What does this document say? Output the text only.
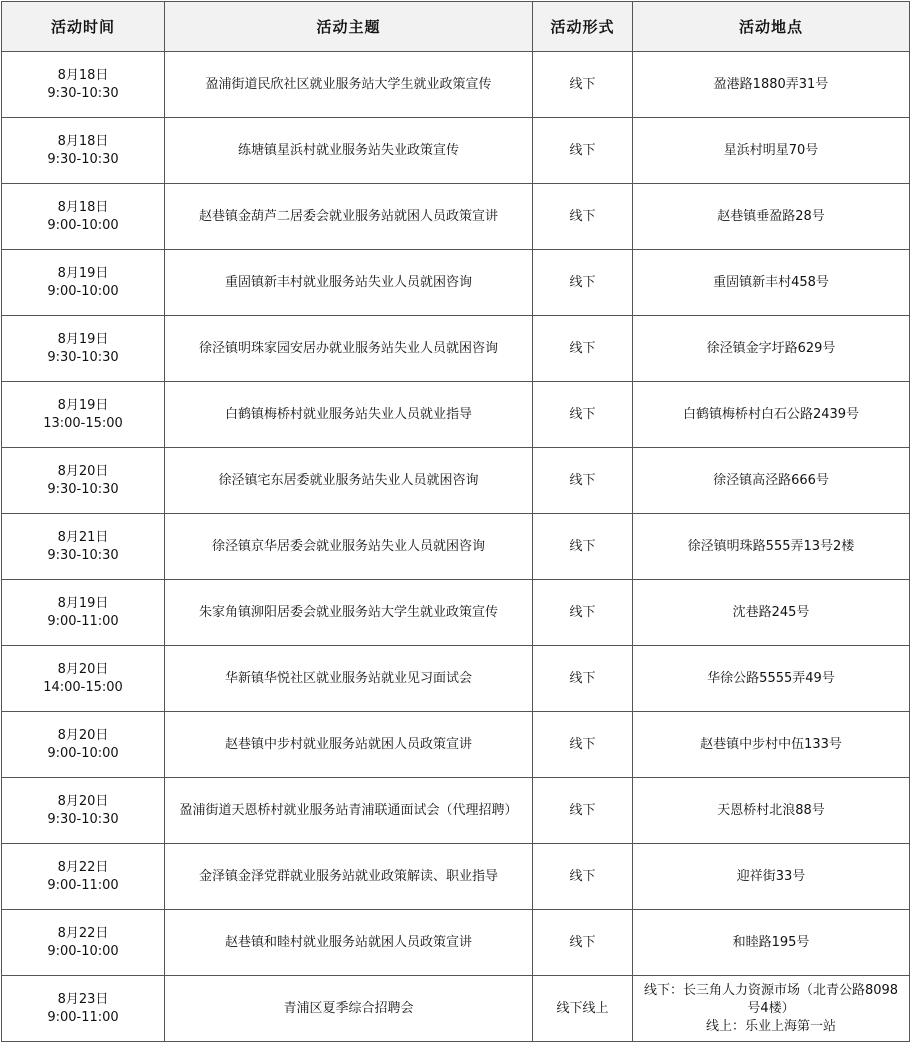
活动时间	活动主题	活动形式	活动地点

8月18日
9:30-10:30	盈浦街道民欣社区就业服务站大学生就业政策宣传	线下	盈港路1880弄31号

8月18日
9:30-10:30	练塘镇星浜村就业服务站失业政策宣传	线下	星浜村明星70号

8月18日
9:00-10:00	赵巷镇金葫芦二居委会就业服务站就困人员政策宣讲	线下	赵巷镇垂盈路28号

8月19日
9:00-10:00	重固镇新丰村就业服务站失业人员就困咨询	线下	重固镇新丰村458号

8月19日
9:30-10:30	徐泾镇明珠家园安居办就业服务站失业人员就困咨询	线下	徐泾镇金字圩路629号

8月19日
13:00-15:00	白鹤镇梅桥村就业服务站失业人员就业指导	线下	白鹤镇梅桥村白石公路2439号

8月20日
9:30-10:30	徐泾镇宅东居委就业服务站失业人员就困咨询	线下	徐泾镇高泾路666号

8月21日
9:30-10:30	徐泾镇京华居委会就业服务站失业人员就困咨询	线下	徐泾镇明珠路555弄13号2楼

8月19日
9:00-11:00	朱家角镇泖阳居委会就业服务站大学生就业政策宣传	线下	沈巷路245号

8月20日
14:00-15:00	华新镇华悦社区就业服务站就业见习面试会	线下	华徐公路5555弄49号

8月20日
9:00-10:00	赵巷镇中步村就业服务站就困人员政策宣讲	线下	赵巷镇中步村中伍133号

8月20日
9:30-10:30	盈浦街道天恩桥村就业服务站青浦联通面试会（代理招聘）	线下	天恩桥村北浪88号

8月22日
9:00-11:00	金泽镇金泽党群就业服务站就业政策解读、职业指导	线下	迎祥街33号

8月22日
9:00-10:00	赵巷镇和睦村就业服务站就困人员政策宣讲	线下	和睦路195号

8月23日
9:00-11:00	青浦区夏季综合招聘会	线下线上	线下：长三角人力资源市场（北青公路8098号4楼）
线上：乐业上海第一站
